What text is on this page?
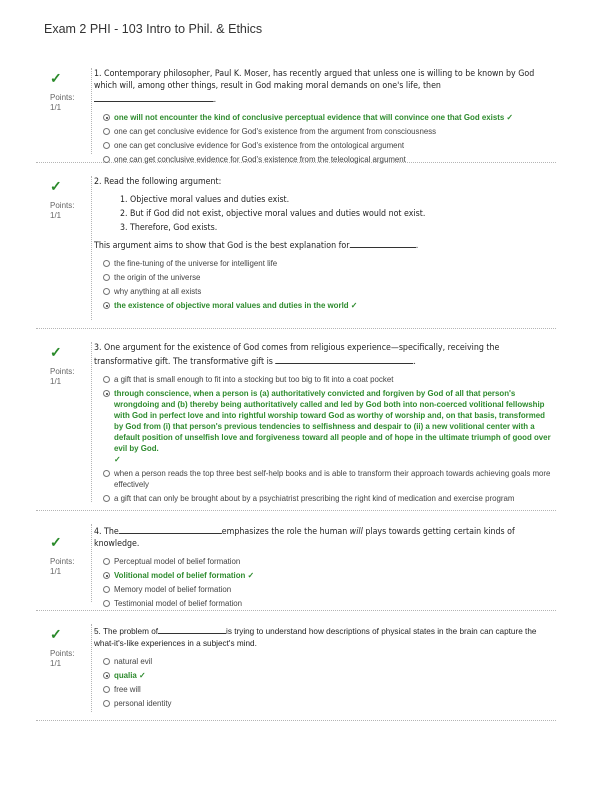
Exam 2 PHI - 103 Intro to Phil. & Ethics
✓
Points:
1/1
1. Contemporary philosopher, Paul K. Moser, has recently argued that unless one is willing to be known by God which will, among other things, result in God making moral demands on one's life, then .
one will not encounter the kind of conclusive perceptual evidence that will convince one that God exists ✓
one can get conclusive evidence for God's existence from the argument from consciousness
one can get conclusive evidence for God's existence from the ontological argument
one can get conclusive evidence for God's existence from the teleological argument
✓
Points:
1/1
2. Read the following argument:
1. Objective moral values and duties exist.
2. But if God did not exist, objective moral values and duties would not exist.
3. Therefore, God exists.
This argument aims to show that God is the best explanation for	.
the fine-tuning of the universe for intelligent life
the origin of the universe
why anything at all exists
the existence of objective moral values and duties in the world ✓
✓
Points:
1/1
3. One argument for the existence of God comes from religious experience—specifically, receiving the transformative gift. The transformative gift is	.
a gift that is small enough to fit into a stocking but too big to fit into a coat pocket
through conscience, when a person is (a) authoritatively convicted and forgiven by God of all that person's wrongdoing and (b) thereby being authoritatively called and led by God both into non-coerced volitional fellowship with God in perfect love and into rightful worship toward God as worthy of worship and, on that basis, transformed by God from (i) that person's previous tendencies to selfishness and despair to (ii) a new volitional center with a default position of unselfish love and forgiveness toward all people and of hope in the ultimate triumph of good over evil by God.
✓
when a person reads the top three best self-help books and is able to transform their approach towards achieving goals more effectively
a gift that can only be brought about by a psychiatrist prescribing the right kind of medication and exercise program
✓
Points:
1/1
4. The	emphasizes the role the human will plays towards getting certain kinds of knowledge.
Perceptual model of belief formation
Volitional model of belief formation ✓
Memory model of belief formation
Testimonial model of belief formation
✓
Points:
1/1
5. The problem of	is trying to understand how descriptions of physical states in the brain can capture the what-it's-like experiences in a subject's mind.
natural evil
qualia ✓
free will
personal identity
